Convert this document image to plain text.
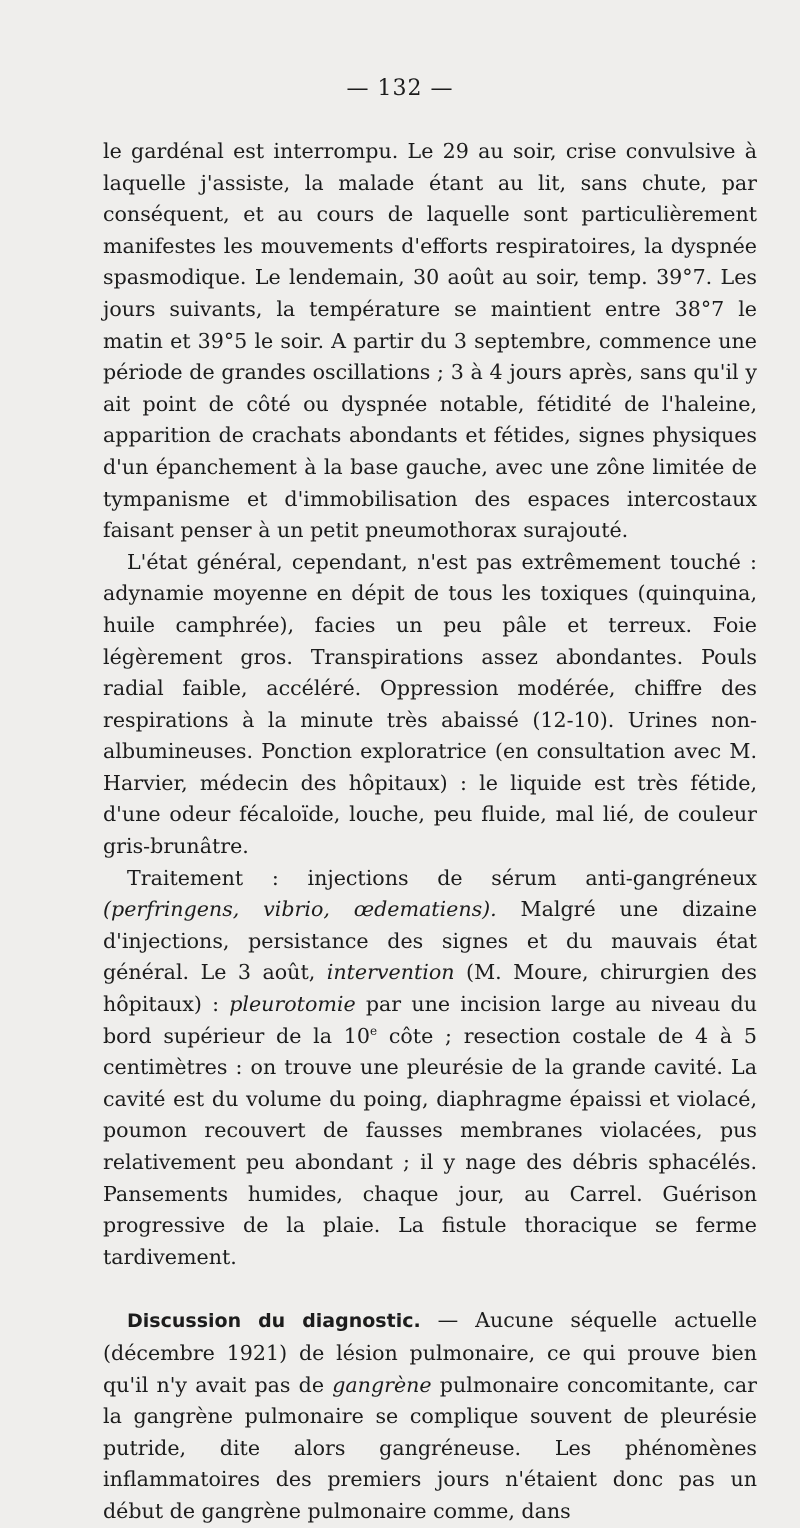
— 132 —

le gardénal est interrompu. Le 29 au soir, crise convulsive à laquelle j'assiste, la malade étant au lit, sans chute, par conséquent, et au cours de laquelle sont particulièrement manifestes les mouvements d'efforts respiratoires, la dyspnée spasmodique. Le lendemain, 30 août au soir, temp. 39°7. Les jours suivants, la température se maintient entre 38°7 le matin et 39°5 le soir. A partir du 3 septembre, commence une période de grandes oscillations ; 3 à 4 jours après, sans qu'il y ait point de côté ou dyspnée notable, fétidité de l'haleine, apparition de crachats abondants et fétides, signes physiques d'un épanchement à la base gauche, avec une zône limitée de tympanisme et d'immobilisation des espaces intercostaux faisant penser à un petit pneumothorax surajouté.

L'état général, cependant, n'est pas extrêmement touché : adynamie moyenne en dépit de tous les toxiques (quinquina, huile camphrée), facies un peu pâle et terreux. Foie légèrement gros. Transpirations assez abondantes. Pouls radial faible, accéléré. Oppression modérée, chiffre des respirations à la minute très abaissé (12-10). Urines non-albumineuses. Ponction exploratrice (en consultation avec M. Harvier, médecin des hôpitaux) : le liquide est très fétide, d'une odeur fécaloïde, louche, peu fluide, mal lié, de couleur gris-brunâtre.

Traitement : injections de sérum anti-gangréneux (perfringens, vibrio, œdematiens). Malgré une dizaine d'injections, persistance des signes et du mauvais état général. Le 3 août, intervention (M. Moure, chirurgien des hôpitaux) : pleurotomie par une incision large au niveau du bord supérieur de la 10e côte ; resection costale de 4 à 5 centimètres : on trouve une pleurésie de la grande cavité. La cavité est du volume du poing, diaphragme épaissi et violacé, poumon recouvert de fausses membranes violacées, pus relativement peu abondant ; il y nage des débris sphacélés. Pansements humides, chaque jour, au Carrel. Guérison progressive de la plaie. La fistule thoracique se ferme tardivement.

Discussion du diagnostic. — Aucune séquelle actuelle (décembre 1921) de lésion pulmonaire, ce qui prouve bien qu'il n'y avait pas de gangrène pulmonaire concomitante, car la gangrène pulmonaire se complique souvent de pleurésie putride, dite alors gangréneuse. Les phénomènes inflammatoires des premiers jours n'étaient donc pas un début de gangrène pulmonaire comme, dans
